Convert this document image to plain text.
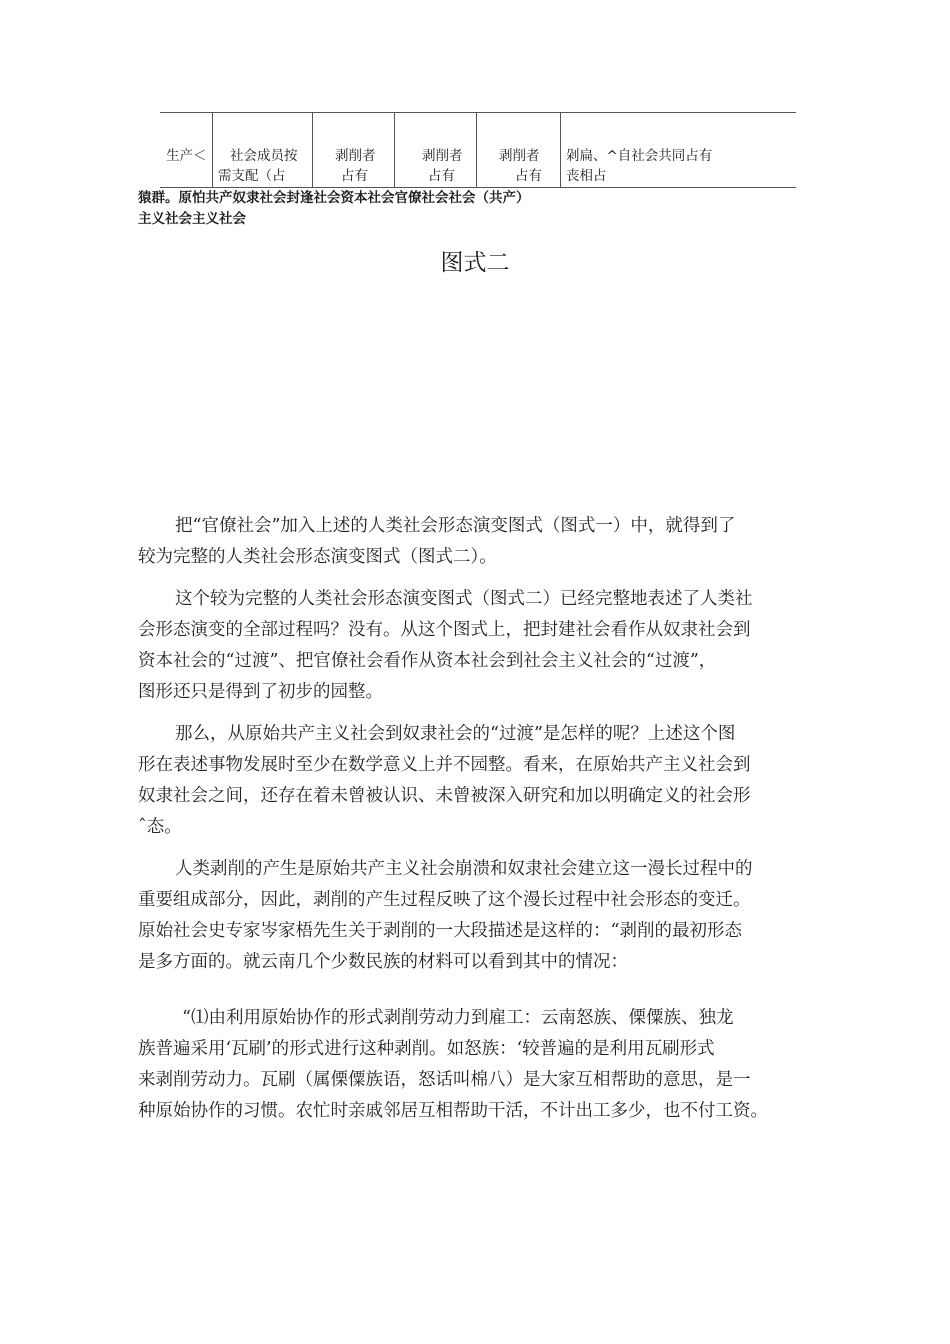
生产＜	社会成员按
需支配（占
剥削者
占有
剥削者
占有
剥削者
占有
剁扁、^自社会共同占有
丧相占
猿群。原怕共产奴隶社会封逢社会资本社会官僚社会社会（共产）
主义社会主义社会
图式二
把“官僚社会”加入上述的人类社会形态演变图式（图式一）中，就得到了
较为完整的人类社会形态演变图式（图式二）。
这个较为完整的人类社会形态演变图式（图式二）已经完整地表述了人类社
会形态演变的全部过程吗？没有。从这个图式上，把封建社会看作从奴隶社会到
资本社会的“过渡”、把官僚社会看作从资本社会到社会主义社会的“过渡”，
图形还只是得到了初步的园整。
那么，从原始共产主义社会到奴隶社会的“过渡”是怎样的呢？上述这个图
形在表述事物发展时至少在数学意义上并不园整。看来，在原始共产主义社会到
奴隶社会之间，还存在着未曾被认识、未曾被深入研究和加以明确定义的社会形
ˆ态。
人类剥削的产生是原始共产主义社会崩溃和奴隶社会建立这一漫长过程中的
重要组成部分，因此，剥削的产生过程反映了这个漫长过程中社会形态的变迁。
原始社会史专家岑家梧先生关于剥削的一大段描述是这样的：“剥削的最初形态
是多方面的。就云南几个少数民族的材料可以看到其中的情况：
“⑴由利用原始协作的形式剥削劳动力到雇工：云南怒族、傈僳族、独龙
族普遍采用‘瓦刷’的形式进行这种剥削。如怒族：‘较普遍的是利用瓦刷形式
来剥削劳动力。瓦刷（属傈僳族语，怒话叫棉八）是大家互相帮助的意思，是一
种原始协作的习惯。农忙时亲戚邻居互相帮助干活，不计出工多少，也不付工资。
